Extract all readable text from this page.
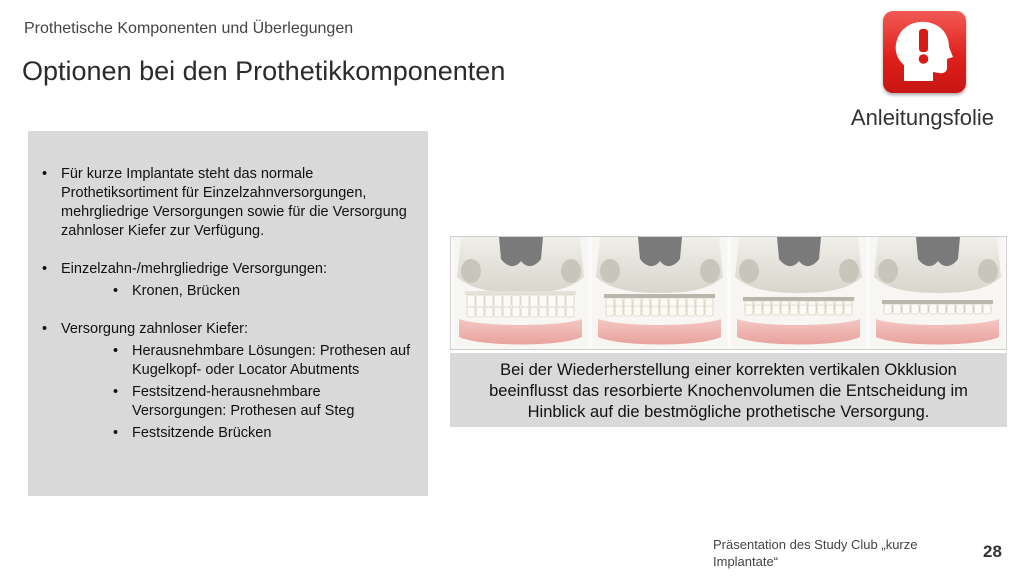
Prothetische Komponenten und Überlegungen
Optionen bei den Prothetikkomponenten
Anleitungsfolie
• Für kurze Implantate steht das normale Prothetiksortiment für Einzelzahnversorgungen, mehrgliedrige Versorgungen sowie für die Versorgung zahnloser Kiefer zur Verfügung.
• Einzelzahn-/mehrgliedrige Versorgungen:
• Kronen, Brücken
• Versorgung zahnloser Kiefer:
• Herausnehmbare Lösungen: Prothesen auf Kugelkopf- oder Locator Abutments
• Festsitzend-herausnehmbare Versorgungen: Prothesen auf Steg
• Festsitzende Brücken
Bei der Wiederherstellung einer korrekten vertikalen Okklusion
beeinflusst das resorbierte Knochenvolumen die Entscheidung im
Hinblick auf die bestmögliche prothetische Versorgung.
Präsentation des Study Club „kurze Implantate“
28
